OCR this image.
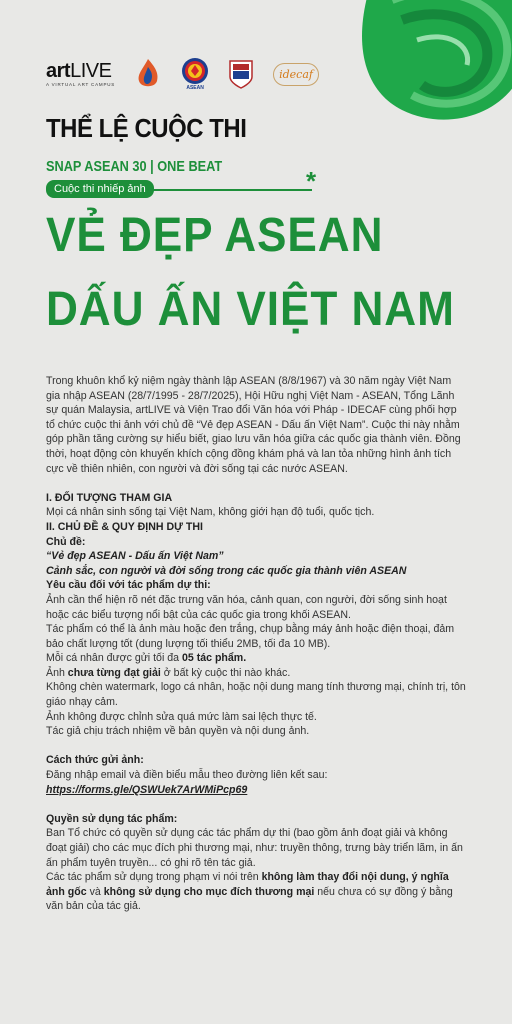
artLIVE
A VIRTUAL ART CAMPUS
ASEAN
idecaf
THỂ LỆ CUỘC THI
SNAP ASEAN 30 | ONE BEAT
Cuộc thi nhiếp ảnh	*
VẺ ĐẸP ASEAN
DẤU ẤN VIỆT NAM

Trong khuôn khổ kỷ niệm ngày thành lập ASEAN (8/8/1967) và 30 năm ngày Việt Nam gia nhập ASEAN (28/7/1995 - 28/7/2025), Hội Hữu nghị Việt Nam - ASEAN, Tổng Lãnh sự quán Malaysia, artLIVE và Viện Trao đổi Văn hóa với Pháp - IDECAF cùng phối hợp tổ chức cuộc thi ảnh với chủ đề “Vẻ đẹp ASEAN - Dấu ấn Việt Nam”. Cuộc thi này nhằm góp phần tăng cường sự hiểu biết, giao lưu văn hóa giữa các quốc gia thành viên. Đồng thời, hoạt động còn khuyến khích cộng đồng khám phá và lan tỏa những hình ảnh tích cực về thiên nhiên, con người và đời sống tại các nước ASEAN.

I. ĐỐI TƯỢNG THAM GIA

Mọi cá nhân sinh sống tại Việt Nam, không giới hạn độ tuổi, quốc tịch.

II. CHỦ ĐỀ & QUY ĐỊNH DỰ THI

Chủ đề:

“Vẻ đẹp ASEAN - Dấu ấn Việt Nam”

Cảnh sắc, con người và đời sống trong các quốc gia thành viên ASEAN

Yêu cầu đối với tác phẩm dự thi:

Ảnh cần thể hiện rõ nét đặc trưng văn hóa, cảnh quan, con người, đời sống sinh hoạt hoặc các biểu tượng nổi bật của các quốc gia trong khối ASEAN.

Tác phẩm có thể là ảnh màu hoặc đen trắng, chụp bằng máy ảnh hoặc điện thoại, đảm bảo chất lượng tốt (dung lượng tối thiểu 2MB, tối đa 10 MB).

Mỗi cá nhân được gửi tối đa 05 tác phẩm.

Ảnh chưa từng đạt giải ở bất kỳ cuộc thi nào khác.

Không chèn watermark, logo cá nhân, hoặc nội dung mang tính thương mại, chính trị, tôn giáo nhạy cảm.

Ảnh không được chỉnh sửa quá mức làm sai lệch thực tế.

Tác giả chịu trách nhiệm về bản quyền và nội dung ảnh.

Cách thức gửi ảnh:

Đăng nhập email và điền biểu mẫu theo đường liên kết sau:

https://forms.gle/QSWUek7ArWMiPcp69

Quyền sử dụng tác phẩm:

Ban Tổ chức có quyền sử dụng các tác phẩm dự thi (bao gồm ảnh đoạt giải và không đoạt giải) cho các mục đích phi thương mại, như: truyền thông, trưng bày triển lãm, in ấn ấn phẩm tuyên truyền... có ghi rõ tên tác giả.

Các tác phẩm sử dụng trong phạm vi nói trên không làm thay đổi nội dung, ý nghĩa ảnh gốc và không sử dụng cho mục đích thương mại nếu chưa có sự đồng ý bằng văn bản của tác giả.
